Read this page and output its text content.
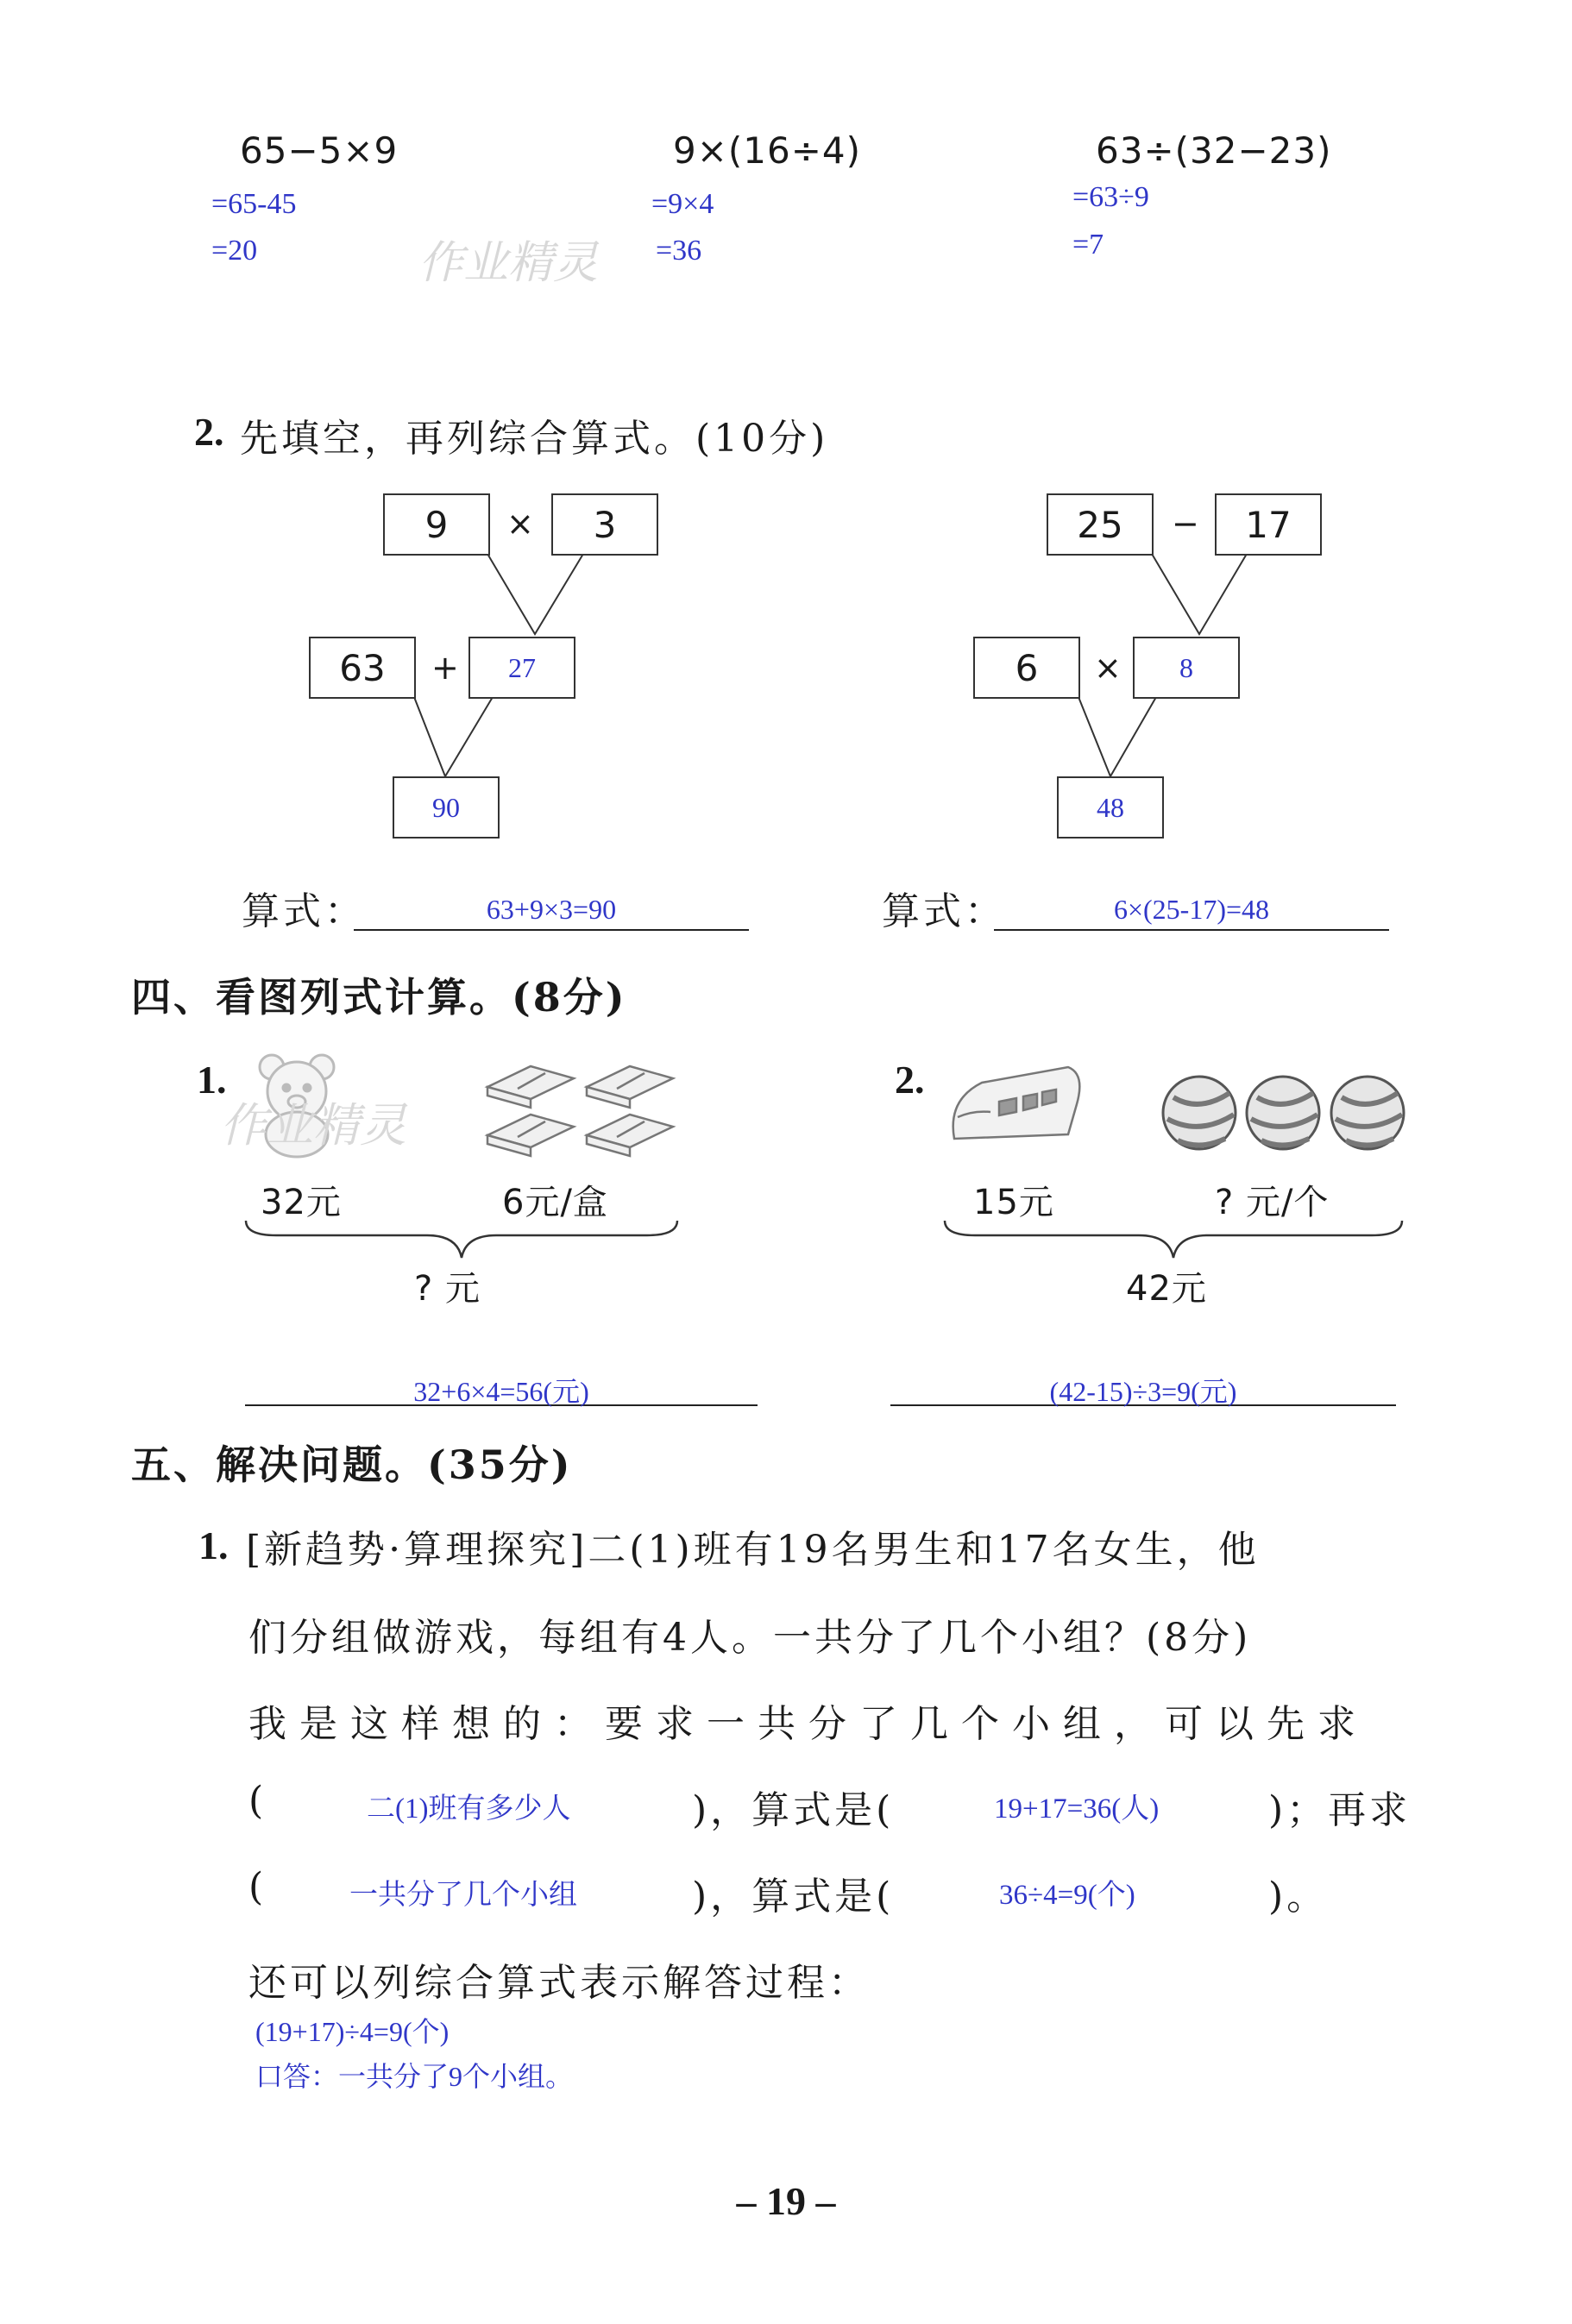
65−5×9
=65-45
=20	作业精灵
9×(16÷4)
=9×4
=36
63÷(32−23)
=63÷9
=7
2. 先填空，再列综合算式。(10分)
9	×	3
63	+	27
90
25	−	17
6	×	8
48
算式：	63+9×3=90	算式：	6×(25-17)=48
四、看图列式计算。(8分)
1.
作业精灵
32元	6元/盒
? 元
32+6×4=56(元)
2.
15元	? 元/个
42元
(42-15)÷3=9(元)
五、解决问题。(35分)
1. [新趋势·算理探究]二(1)班有19名男生和17名女生，他
们分组做游戏，每组有4人。一共分了几个小组？(8分)
我是这样想的：要求一共分了几个小组，可以先求
(	二(1)班有多少人	)，算式是(	19+17=36(人)	)；再求
(	一共分了几个小组	)，算式是(	36÷4=9(个)	)。
还可以列综合算式表示解答过程：
(19+17)÷4=9(个)
口答：一共分了9个小组。
– 19 –
